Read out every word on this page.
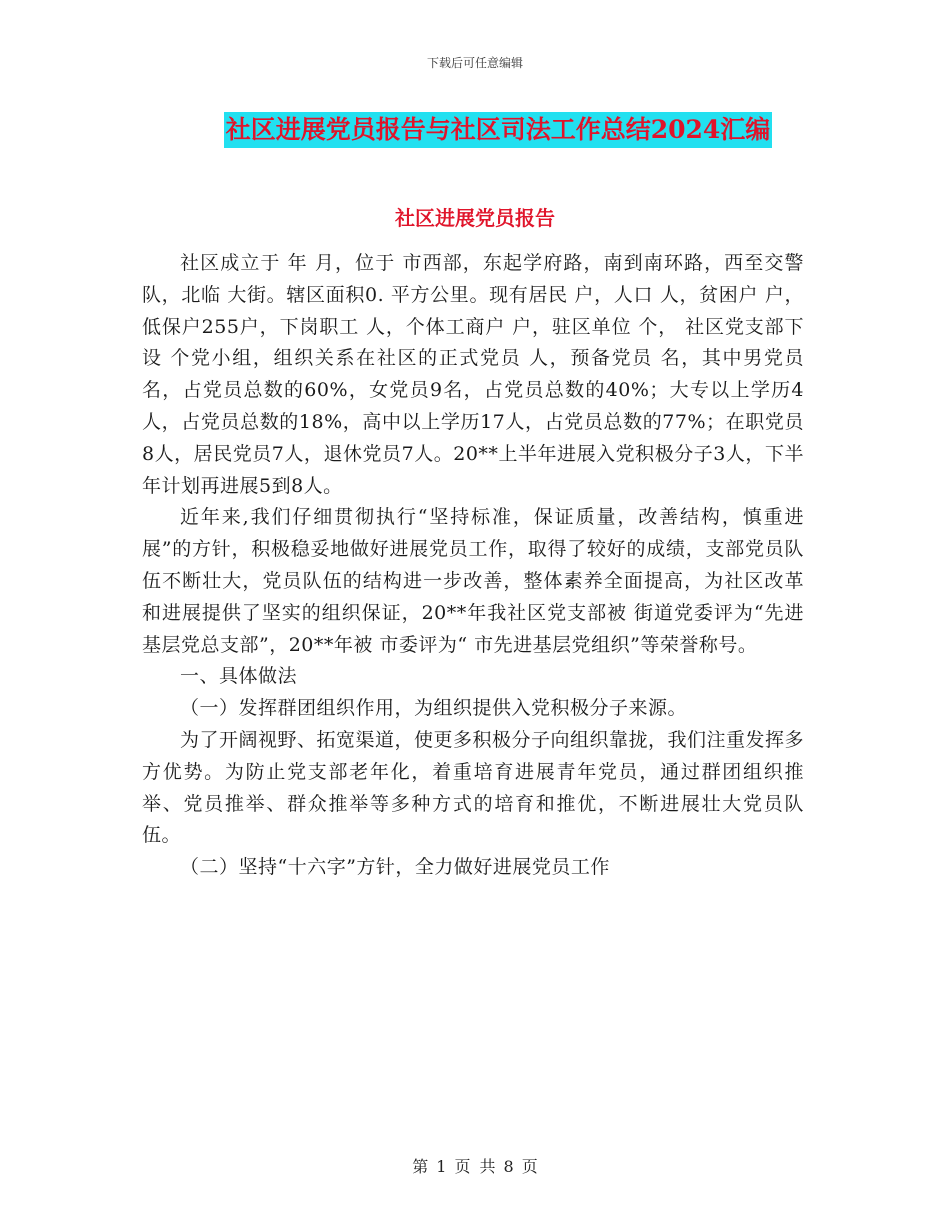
下载后可任意编辑
社区进展党员报告与社区司法工作总结2024汇编
社区进展党员报告

社区成立于 年 月，位于 市西部，东起学府路，南到南环路，西至交警队，北临 大街。辖区面积0. 平方公里。现有居民 户，人口 人，贫困户 户，低保户255户，下岗职工 人，个体工商户 户，驻区单位 个， 社区党支部下设 个党小组，组织关系在社区的正式党员 人，预备党员 名，其中男党员 名，占党员总数的60%，女党员9名，占党员总数的40%；大专以上学历4人，占党员总数的18%，高中以上学历17人，占党员总数的77%；在职党员8人，居民党员7人，退休党员7人。20**上半年进展入党积极分子3人，下半年计划再进展5到8人。

近年来,我们仔细贯彻执行“坚持标准，保证质量，改善结构，慎重进展”的方针，积极稳妥地做好进展党员工作，取得了较好的成绩，支部党员队伍不断壮大，党员队伍的结构进一步改善，整体素养全面提高，为社区改革和进展提供了坚实的组织保证，20**年我社区党支部被 街道党委评为“先进基层党总支部”，20**年被 市委评为“ 市先进基层党组织”等荣誉称号。

一、具体做法

（一）发挥群团组织作用，为组织提供入党积极分子来源。

为了开阔视野、拓宽渠道，使更多积极分子向组织靠拢，我们注重发挥多方优势。为防止党支部老年化，着重培育进展青年党员，通过群团组织推举、党员推举、群众推举等多种方式的培育和推优，不断进展壮大党员队伍。

（二）坚持“十六字”方针，全力做好进展党员工作

第 1 页 共 8 页
